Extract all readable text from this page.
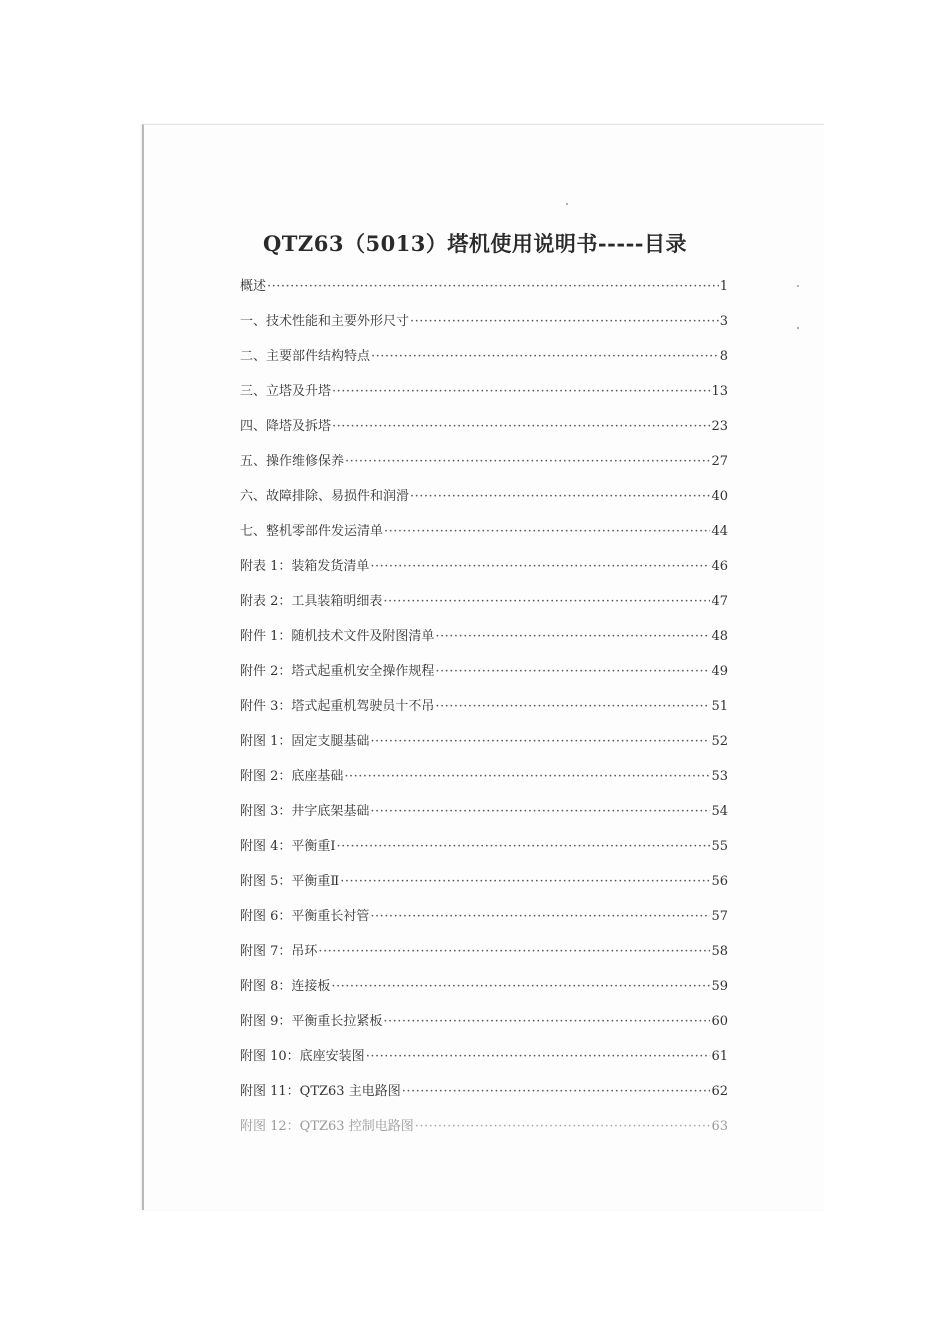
QTZ63（5013）塔机使用说明书-----目录
概述 ·····	1
一、技术性能和主要外形尺寸 ·····	3
二、主要部件结构特点 ·····	8
三、立塔及升塔 ·····	13
四、降塔及拆塔 ·····	23
五、操作维修保养 ·····	27
六、故障排除、易损件和润滑 ·····	40
七、整机零部件发运清单 ·····	44
附表 1：装箱发货清单 ·····	46
附表 2：工具装箱明细表 ·····	47
附件 1：随机技术文件及附图清单 ·····	48
附件 2：塔式起重机安全操作规程 ·····	49
附件 3：塔式起重机驾驶员十不吊 ·····	51
附图 1：固定支腿基础 ·····	52
附图 2：底座基础 ·····	53
附图 3：井字底架基础 ·····	54
附图 4：平衡重Ⅰ ·····	55
附图 5：平衡重Ⅱ ·····	56
附图 6：平衡重长衬管 ·····	57
附图 7：吊环 ·····	58
附图 8：连接板 ·····	59
附图 9：平衡重长拉紧板 ·····	60
附图 10：底座安装图 ·····	61
附图 11：QTZ63 主电路图 ·····	62
附图 12：QTZ63 控制电路图 ·····	63
